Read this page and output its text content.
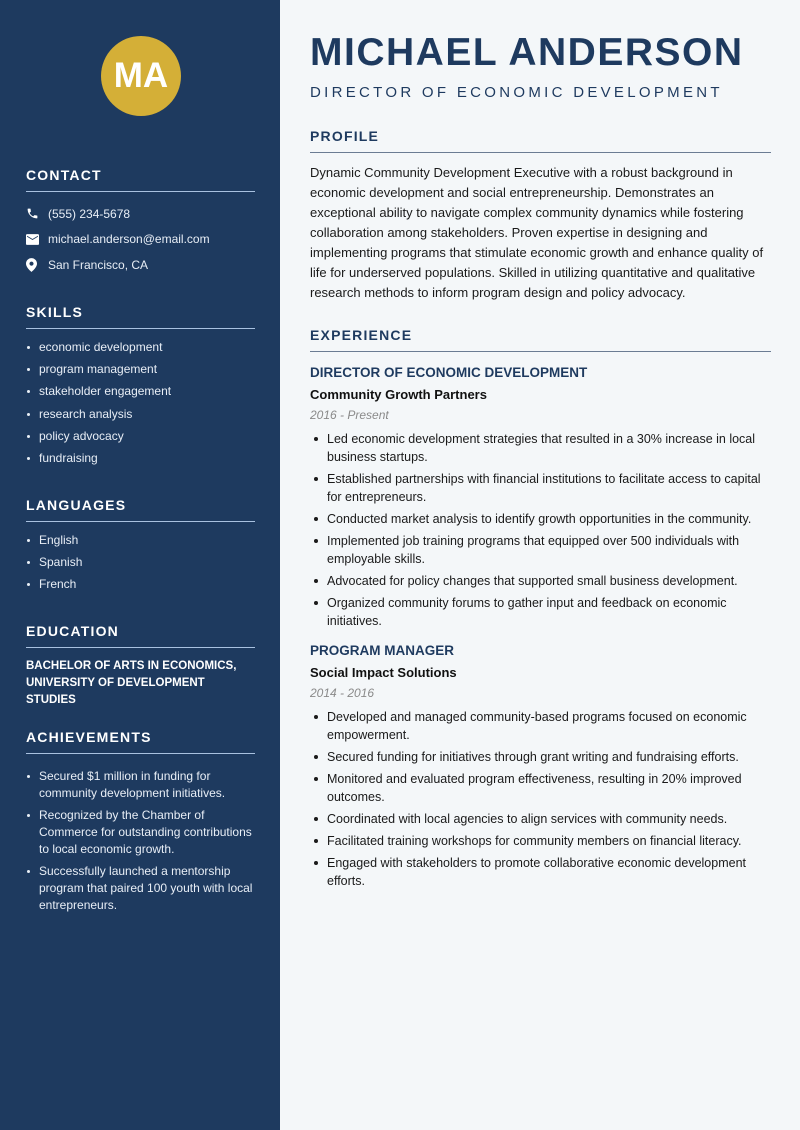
MA
CONTACT
(555) 234-5678
michael.anderson@email.com
San Francisco, CA
SKILLS
economic development
program management
stakeholder engagement
research analysis
policy advocacy
fundraising
LANGUAGES
English
Spanish
French
EDUCATION

BACHELOR OF ARTS IN ECONOMICS, UNIVERSITY OF DEVELOPMENT STUDIES

ACHIEVEMENTS
Secured $1 million in funding for community development initiatives.
Recognized by the Chamber of Commerce for outstanding contributions to local economic growth.
Successfully launched a mentorship program that paired 100 youth with local entrepreneurs.
MICHAEL ANDERSON
DIRECTOR OF ECONOMIC DEVELOPMENT
PROFILE

Dynamic Community Development Executive with a robust background in economic development and social entrepreneurship. Demonstrates an exceptional ability to navigate complex community dynamics while fostering collaboration among stakeholders. Proven expertise in designing and implementing programs that stimulate economic growth and enhance quality of life for underserved populations. Skilled in utilizing quantitative and qualitative research methods to inform program design and policy advocacy.

EXPERIENCE
DIRECTOR OF ECONOMIC DEVELOPMENT
Community Growth Partners
2016 - Present
Led economic development strategies that resulted in a 30% increase in local business startups.
Established partnerships with financial institutions to facilitate access to capital for entrepreneurs.
Conducted market analysis to identify growth opportunities in the community.
Implemented job training programs that equipped over 500 individuals with employable skills.
Advocated for policy changes that supported small business development.
Organized community forums to gather input and feedback on economic initiatives.
PROGRAM MANAGER
Social Impact Solutions
2014 - 2016
Developed and managed community-based programs focused on economic empowerment.
Secured funding for initiatives through grant writing and fundraising efforts.
Monitored and evaluated program effectiveness, resulting in 20% improved outcomes.
Coordinated with local agencies to align services with community needs.
Facilitated training workshops for community members on financial literacy.
Engaged with stakeholders to promote collaborative economic development efforts.
